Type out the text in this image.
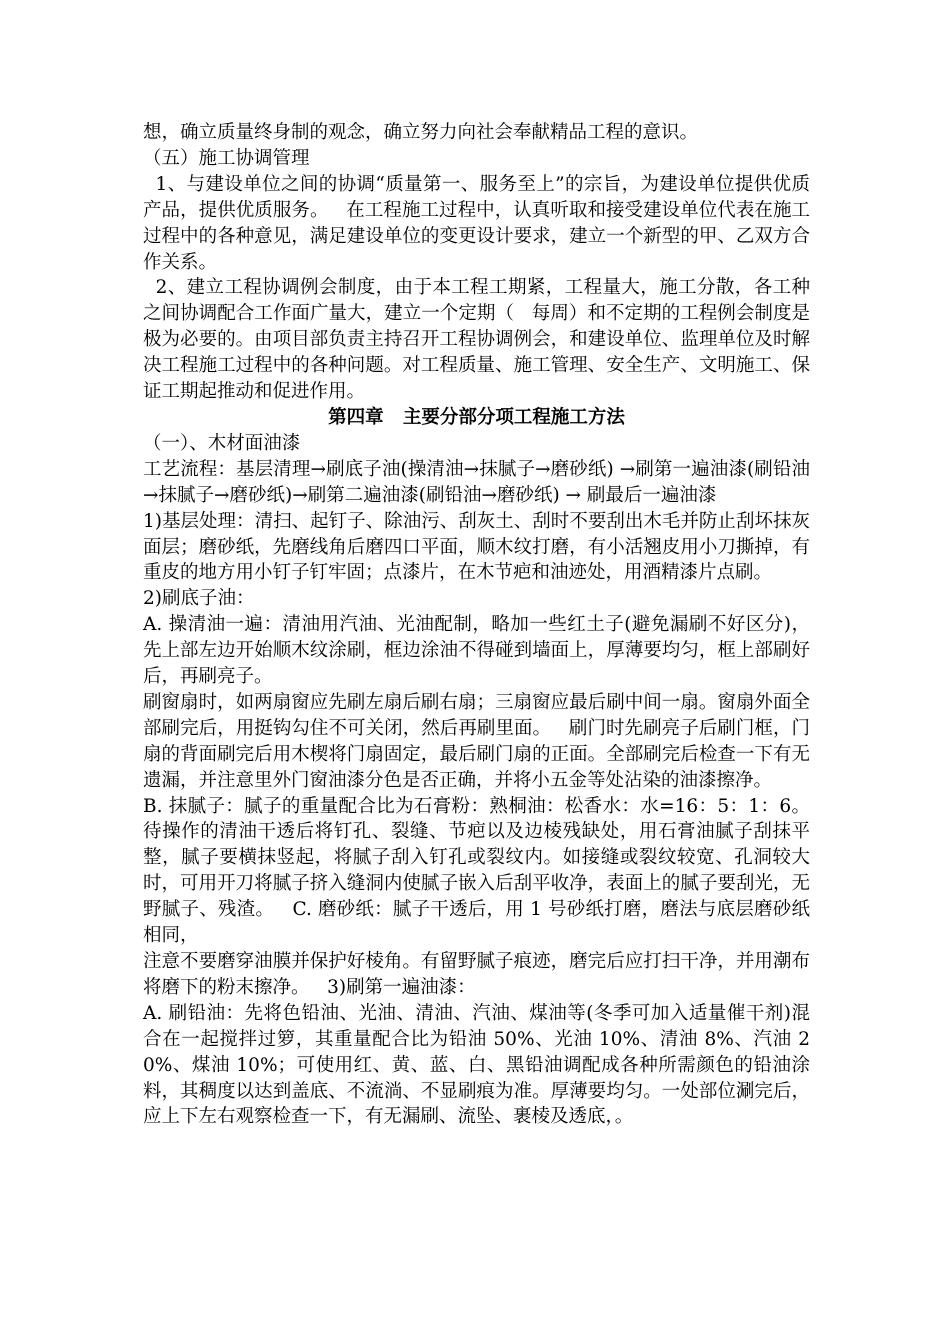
想，确立质量终身制的观念，确立努力向社会奉献精品工程的意识。

（五）施工协调管理

1、与建设单位之间的协调“质量第一、服务至上”的宗旨，为建设单位提供优质产品，提供优质服务。   在工程施工过程中，认真听取和接受建设单位代表在施工过程中的各种意见，满足建设单位的变更设计要求，建立一个新型的甲、乙双方合作关系。

2、建立工程协调例会制度，由于本工程工期紧，工程量大，施工分散，各工种之间协调配合工作面广量大，建立一个定期（   每周）和不定期的工程例会制度是极为必要的。由项目部负责主持召开工程协调例会，和建设单位、监理单位及时解决工程施工过程中的各种问题。对工程质量、施工管理、安全生产、文明施工、保证工期起推动和促进作用。

第四章   主要分部分项工程施工方法

（一）、木材面油漆

工艺流程：基层清理→刷底子油(操清油→抹腻子→磨砂纸) →刷第一遍油漆(刷铅油→抹腻子→磨砂纸)→刷第二遍油漆(刷铅油→磨砂纸) → 刷最后一遍油漆

1)基层处理：清扫、起钉子、除油污、刮灰土、刮时不要刮出木毛并防止刮坏抹灰面层；磨砂纸，先磨线角后磨四口平面，顺木纹打磨，有小活翘皮用小刀撕掉，有重皮的地方用小钉子钉牢固；点漆片，在木节疤和油迹处，用酒精漆片点刷。

2)刷底子油：

A. 操清油一遍：清油用汽油、光油配制，略加一些红土子(避免漏刷不好区分)，先上部左边开始顺木纹涂刷，框边涂油不得碰到墙面上，厚薄要均匀，框上部刷好后，再刷亮子。

刷窗扇时，如两扇窗应先刷左扇后刷右扇；三扇窗应最后刷中间一扇。窗扇外面全部刷完后，用挺钩勾住不可关闭，然后再刷里面。   刷门时先刷亮子后刷门框，门扇的背面刷完后用木楔将门扇固定，最后刷门扇的正面。全部刷完后检查一下有无遗漏，并注意里外门窗油漆分色是否正确，并将小五金等处沾染的油漆擦净。

B. 抹腻子：腻子的重量配合比为石膏粉：熟桐油：松香水：水=16：5：1：6。待操作的清油干透后将钉孔、裂缝、节疤以及边棱残缺处，用石膏油腻子刮抹平整，腻子要横抹竖起，将腻子刮入钉孔或裂纹内。如接缝或裂纹较宽、孔洞较大时，可用开刀将腻子挤入缝洞内使腻子嵌入后刮平收净，表面上的腻子要刮光，无野腻子、残渣。   C. 磨砂纸：腻子干透后，用 1 号砂纸打磨，磨法与底层磨砂纸相同，

注意不要磨穿油膜并保护好棱角。有留野腻子痕迹，磨完后应打扫干净，并用潮布将磨下的粉末擦净。   3)刷第一遍油漆：

A. 刷铅油：先将色铅油、光油、清油、汽油、煤油等(冬季可加入适量催干剂)混合在一起搅拌过箩，其重量配合比为铅油 50%、光油 10%、清油 8%、汽油 20%、煤油 10%；可使用红、黄、蓝、白、黑铅油调配成各种所需颜色的铅油涂料，其稠度以达到盖底、不流淌、不显刷痕为准。厚薄要均匀。一处部位涮完后，应上下左右观察检查一下，有无漏刷、流坠、裹棱及透底，。
